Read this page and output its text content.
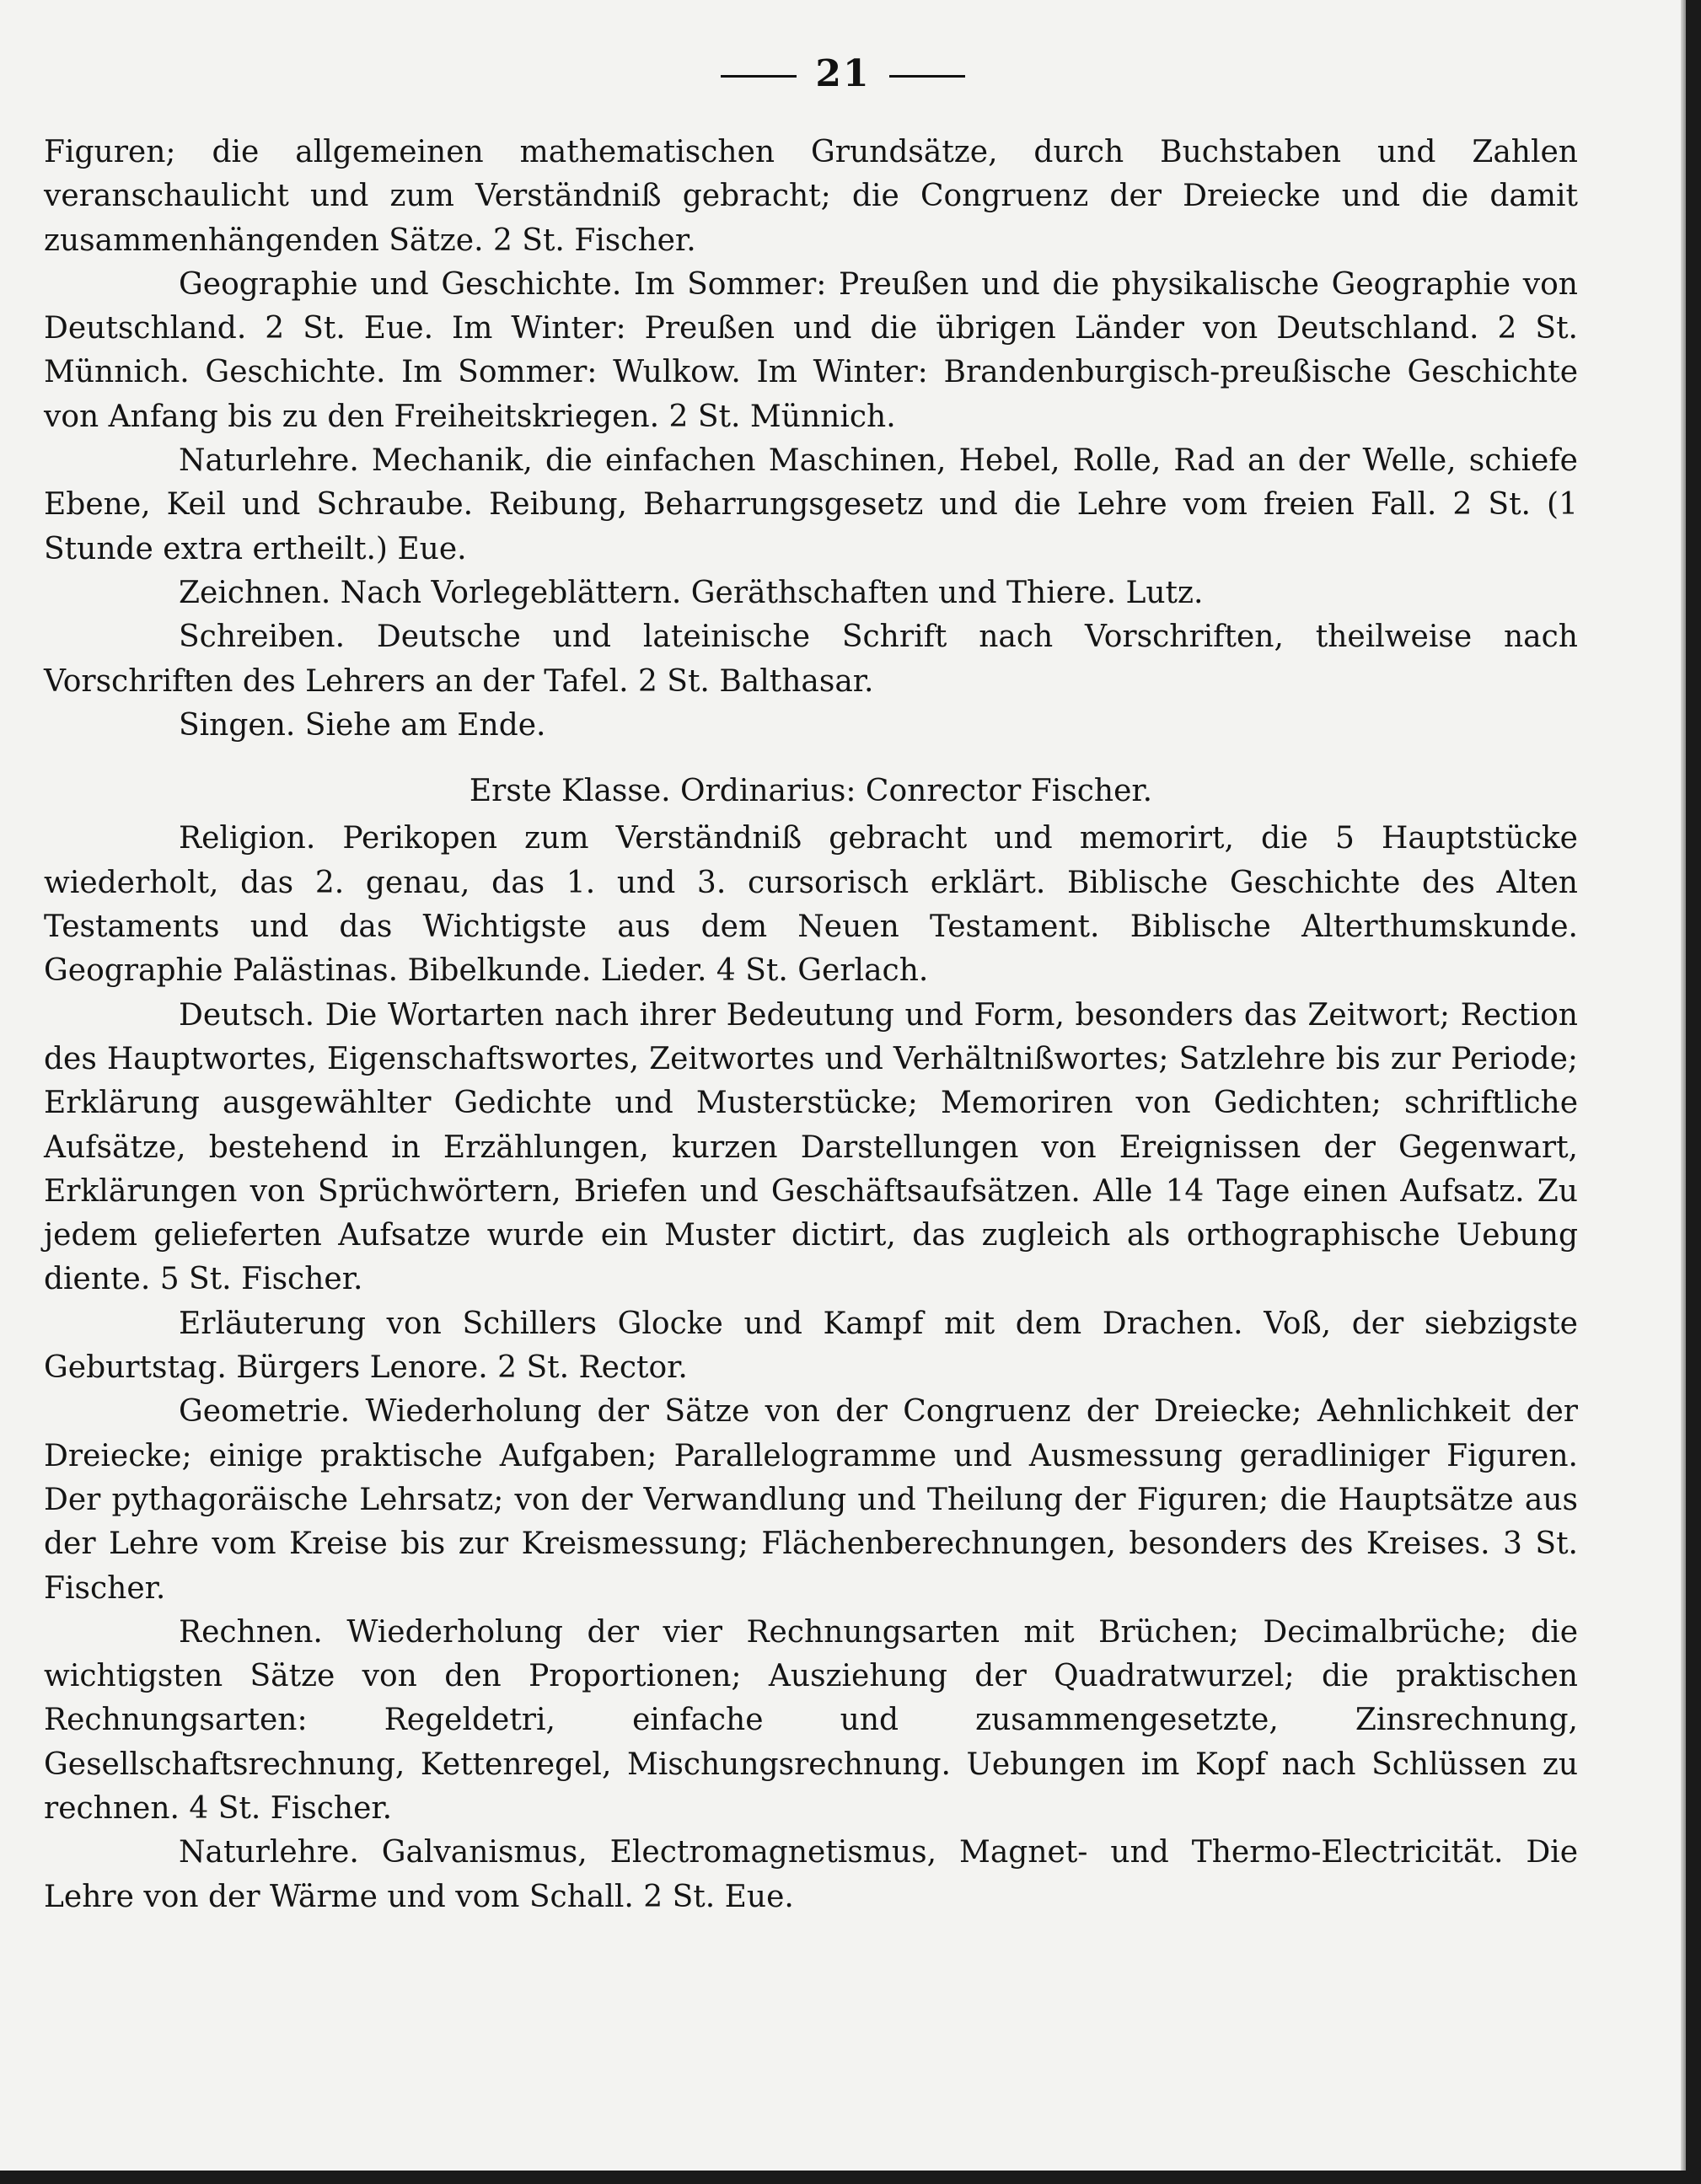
21

Figuren; die allgemeinen mathematischen Grundsätze, durch Buchstaben und Zahlen veranschaulicht und zum Verständniß gebracht; die Congruenz der Dreiecke und die damit zusammenhängenden Sätze. 2 St. Fischer.

Geographie und Geschichte. Im Sommer: Preußen und die physikalische Geographie von Deutschland. 2 St. Eue. Im Winter: Preußen und die übrigen Länder von Deutschland. 2 St. Münnich. Geschichte. Im Sommer: Wulkow. Im Winter: Brandenburgisch-preußische Geschichte von Anfang bis zu den Freiheitskriegen. 2 St. Münnich.

Naturlehre. Mechanik, die einfachen Maschinen, Hebel, Rolle, Rad an der Welle, schiefe Ebene, Keil und Schraube. Reibung, Beharrungsgesetz und die Lehre vom freien Fall. 2 St. (1 Stunde extra ertheilt.) Eue.

Zeichnen. Nach Vorlegeblättern. Geräthschaften und Thiere. Lutz.

Schreiben. Deutsche und lateinische Schrift nach Vorschriften, theilweise nach Vorschriften des Lehrers an der Tafel. 2 St. Balthasar.

Singen. Siehe am Ende.

Erste Klasse. Ordinarius: Conrector Fischer.

Religion. Perikopen zum Verständniß gebracht und memorirt, die 5 Hauptstücke wiederholt, das 2. genau, das 1. und 3. cursorisch erklärt. Biblische Geschichte des Alten Testaments und das Wichtigste aus dem Neuen Testament. Biblische Alterthumskunde. Geographie Palästinas. Bibelkunde. Lieder. 4 St. Gerlach.

Deutsch. Die Wortarten nach ihrer Bedeutung und Form, besonders das Zeitwort; Rection des Hauptwortes, Eigenschaftswortes, Zeitwortes und Verhältnißwortes; Satzlehre bis zur Periode; Erklärung ausgewählter Gedichte und Musterstücke; Memoriren von Gedichten; schriftliche Aufsätze, bestehend in Erzählungen, kurzen Darstellungen von Ereignissen der Gegenwart, Erklärungen von Sprüchwörtern, Briefen und Geschäftsaufsätzen. Alle 14 Tage einen Aufsatz. Zu jedem gelieferten Aufsatze wurde ein Muster dictirt, das zugleich als orthographische Uebung diente. 5 St. Fischer.

Erläuterung von Schillers Glocke und Kampf mit dem Drachen. Voß, der siebzigste Geburtstag. Bürgers Lenore. 2 St. Rector.

Geometrie. Wiederholung der Sätze von der Congruenz der Dreiecke; Aehnlichkeit der Dreiecke; einige praktische Aufgaben; Parallelogramme und Ausmessung geradliniger Figuren. Der pythagoräische Lehrsatz; von der Verwandlung und Theilung der Figuren; die Hauptsätze aus der Lehre vom Kreise bis zur Kreismessung; Flächenberechnungen, besonders des Kreises. 3 St. Fischer.

Rechnen. Wiederholung der vier Rechnungsarten mit Brüchen; Decimalbrüche; die wichtigsten Sätze von den Proportionen; Ausziehung der Quadratwurzel; die praktischen Rechnungsarten: Regeldetri, einfache und zusammengesetzte, Zinsrechnung, Gesellschaftsrechnung, Kettenregel, Mischungsrechnung. Uebungen im Kopf nach Schlüssen zu rechnen. 4 St. Fischer.

Naturlehre. Galvanismus, Electromagnetismus, Magnet- und Thermo-Electricität. Die Lehre von der Wärme und vom Schall. 2 St. Eue.
